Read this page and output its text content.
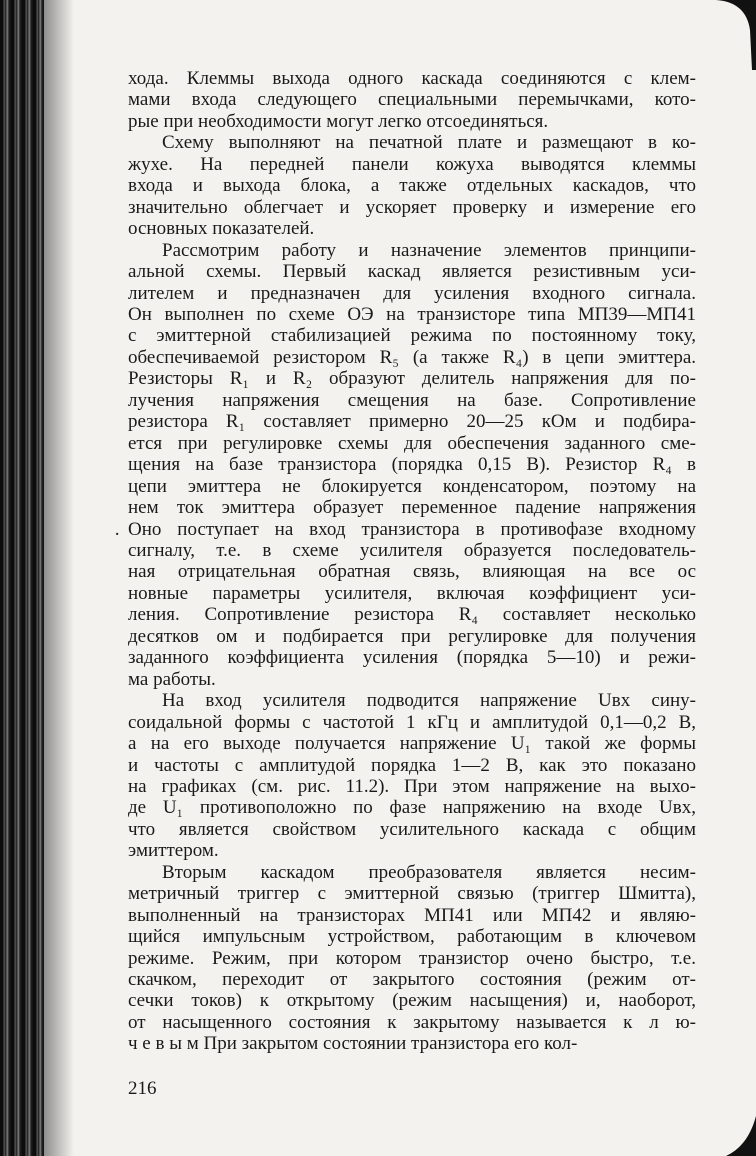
·
хода. Клеммы выхода одного каскада соединяются с клем-
мами входа следующего специальными перемычками, кото-
рые при необходимости могут легко отсоединяться.
Схему выполняют на печатной плате и размещают в ко-
жухе. На передней панели кожуха выводятся клеммы
входа и выхода блока, а также отдельных каскадов, что
значительно облегчает и ускоряет проверку и измерение его
основных показателей.
Рассмотрим работу и назначение элементов принципи-
альной схемы. Первый каскад является резистивным уси-
лителем и предназначен для усиления входного сигнала.
Он выполнен по схеме ОЭ на транзисторе типа МП39—МП41
с эмиттерной стабилизацией режима по постоянному току,
обеспечиваемой резистором R₅ (а также R₄) в цепи эмиттера.
Резисторы R₁ и R₂ образуют делитель напряжения для по-
лучения напряжения смещения на базе. Сопротивление
резистора R₁ составляет примерно 20—25 кОм и подбира-
ется при регулировке схемы для обеспечения заданного сме-
щения на базе транзистора (порядка 0,15 В). Резистор R₄ в
цепи эмиттера не блокируется конденсатором, поэтому на
нем ток эмиттера образует переменное падение напряжения
Оно поступает на вход транзистора в противофазе входному
сигналу, т.е. в схеме усилителя образуется последователь-
ная отрицательная обратная связь, влияющая на все ос
новные параметры усилителя, включая коэффициент уси-
ления. Сопротивление резистора R₄ составляет несколько
десятков ом и подбирается при регулировке для получения
заданного коэффициента усиления (порядка 5—10) и режи-
ма работы.
На вход усилителя подводится напряжение Uвх сину-
соидальной формы с частотой 1 кГц и амплитудой 0,1—0,2 В,
а на его выходе получается напряжение U₁ такой же формы
и частоты с амплитудой порядка 1—2 В, как это показано
на графиках (см. рис. 11.2). При этом напряжение на выхо-
де U₁ противоположно по фазе напряжению на входе Uвх,
что является свойством усилительного каскада с общим
эмиттером.
Вторым каскадом преобразователя является несим-
метричный триггер с эмиттерной связью (триггер Шмитта),
выполненный на транзисторах МП41 или МП42 и являю-
щийся импульсным устройством, работающим в ключевом
режиме. Режим, при котором транзистор очено быстро, т.е.
скачком, переходит от закрытого состояния (режим от-
сечки токов) к открытому (режим насыщения) и, наоборот,
от насыщенного состояния к закрытому называется к л ю-
ч е в ы м При закрытом состоянии транзистора его кол-
216
